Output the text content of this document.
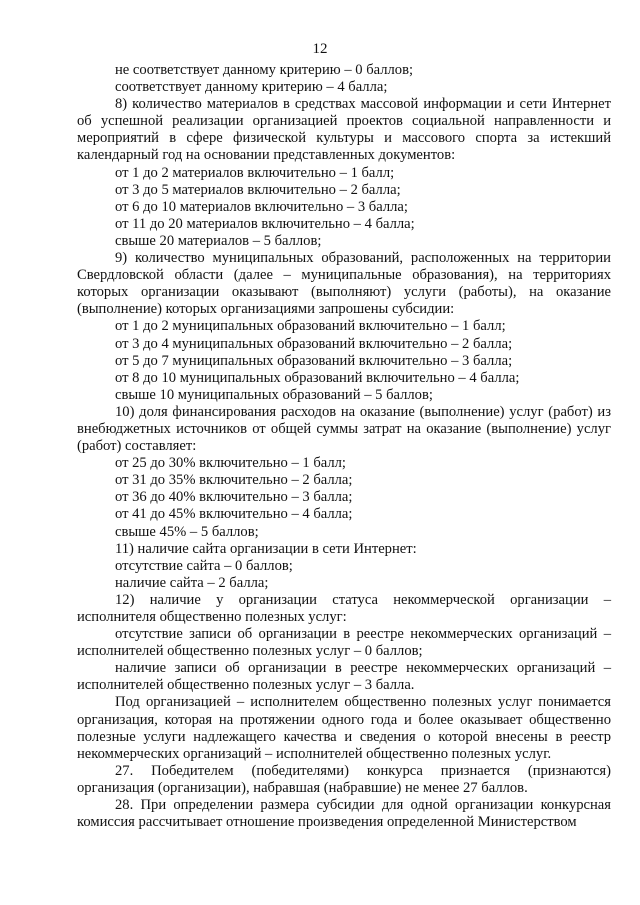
12

не соответствует данному критерию – 0 баллов;

соответствует данному критерию – 4 балла;

8) количество материалов в средствах массовой информации и сети Интернет об успешной реализации организацией проектов социальной направленности и мероприятий в сфере физической культуры и массового спорта за истекший календарный год на основании представленных документов:

от 1 до 2 материалов включительно – 1 балл;

от 3 до 5 материалов включительно – 2 балла;

от 6 до 10 материалов включительно – 3 балла;

от 11 до 20 материалов включительно – 4 балла;

свыше 20 материалов – 5 баллов;

9) количество муниципальных образований, расположенных на территории Свердловской области (далее – муниципальные образования), на территориях которых организации оказывают (выполняют) услуги (работы), на оказание (выполнение) которых организациями запрошены субсидии:

от 1 до 2 муниципальных образований включительно – 1 балл;

от 3 до 4 муниципальных образований включительно – 2 балла;

от 5 до 7 муниципальных образований включительно – 3 балла;

от 8 до 10 муниципальных образований включительно – 4 балла;

свыше 10 муниципальных образований – 5 баллов;

10) доля финансирования расходов на оказание (выполнение) услуг (работ) из внебюджетных источников от общей суммы затрат на оказание (выполнение) услуг (работ) составляет:

от 25 до 30% включительно – 1 балл;

от 31 до 35% включительно – 2 балла;

от 36 до 40% включительно – 3 балла;

от 41 до 45% включительно – 4 балла;

свыше 45% – 5 баллов;

11) наличие сайта организации в сети Интернет:

отсутствие сайта – 0 баллов;

наличие сайта – 2 балла;

12) наличие у организации статуса некоммерческой организации – исполнителя общественно полезных услуг:

отсутствие записи об организации в реестре некоммерческих организаций – исполнителей общественно полезных услуг – 0 баллов;

наличие записи об организации в реестре некоммерческих организаций – исполнителей общественно полезных услуг – 3 балла.

Под организацией – исполнителем общественно полезных услуг понимается организация, которая на протяжении одного года и более оказывает общественно полезные услуги надлежащего качества и сведения о которой внесены в реестр некоммерческих организаций – исполнителей общественно полезных услуг.

27. Победителем (победителями) конкурса признается (признаются) организация (организации), набравшая (набравшие) не менее 27 баллов.

28. При определении размера субсидии для одной организации конкурсная комиссия рассчитывает отношение произведения определенной Министерством
